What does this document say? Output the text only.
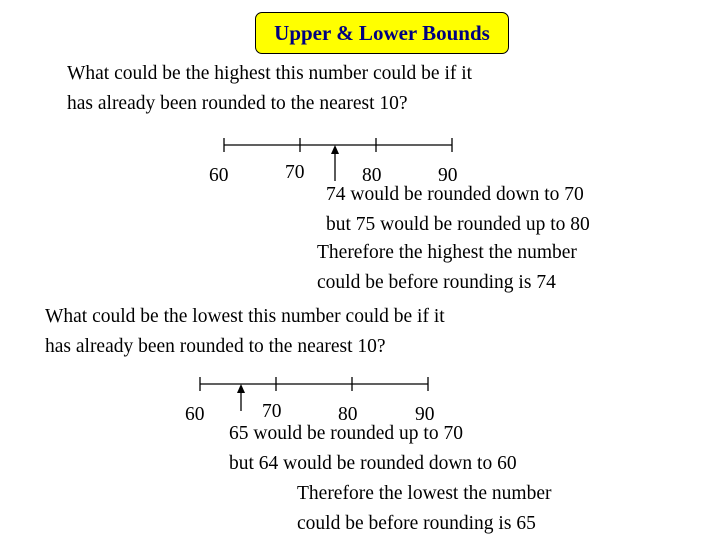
Upper & Lower Bounds
What could be the highest this number could be if it
has already been rounded to the nearest 10?
60	70	80	90
74 would be rounded down to 70
but 75 would be rounded up to 80
Therefore the highest the number
could be before rounding is 74
What could be the lowest this number could be if it
has already been rounded to the nearest 10?
60	70	80	90
65 would be rounded up to 70
but 64 would be rounded down to 60
Therefore the lowest the number
could be before rounding is 65
